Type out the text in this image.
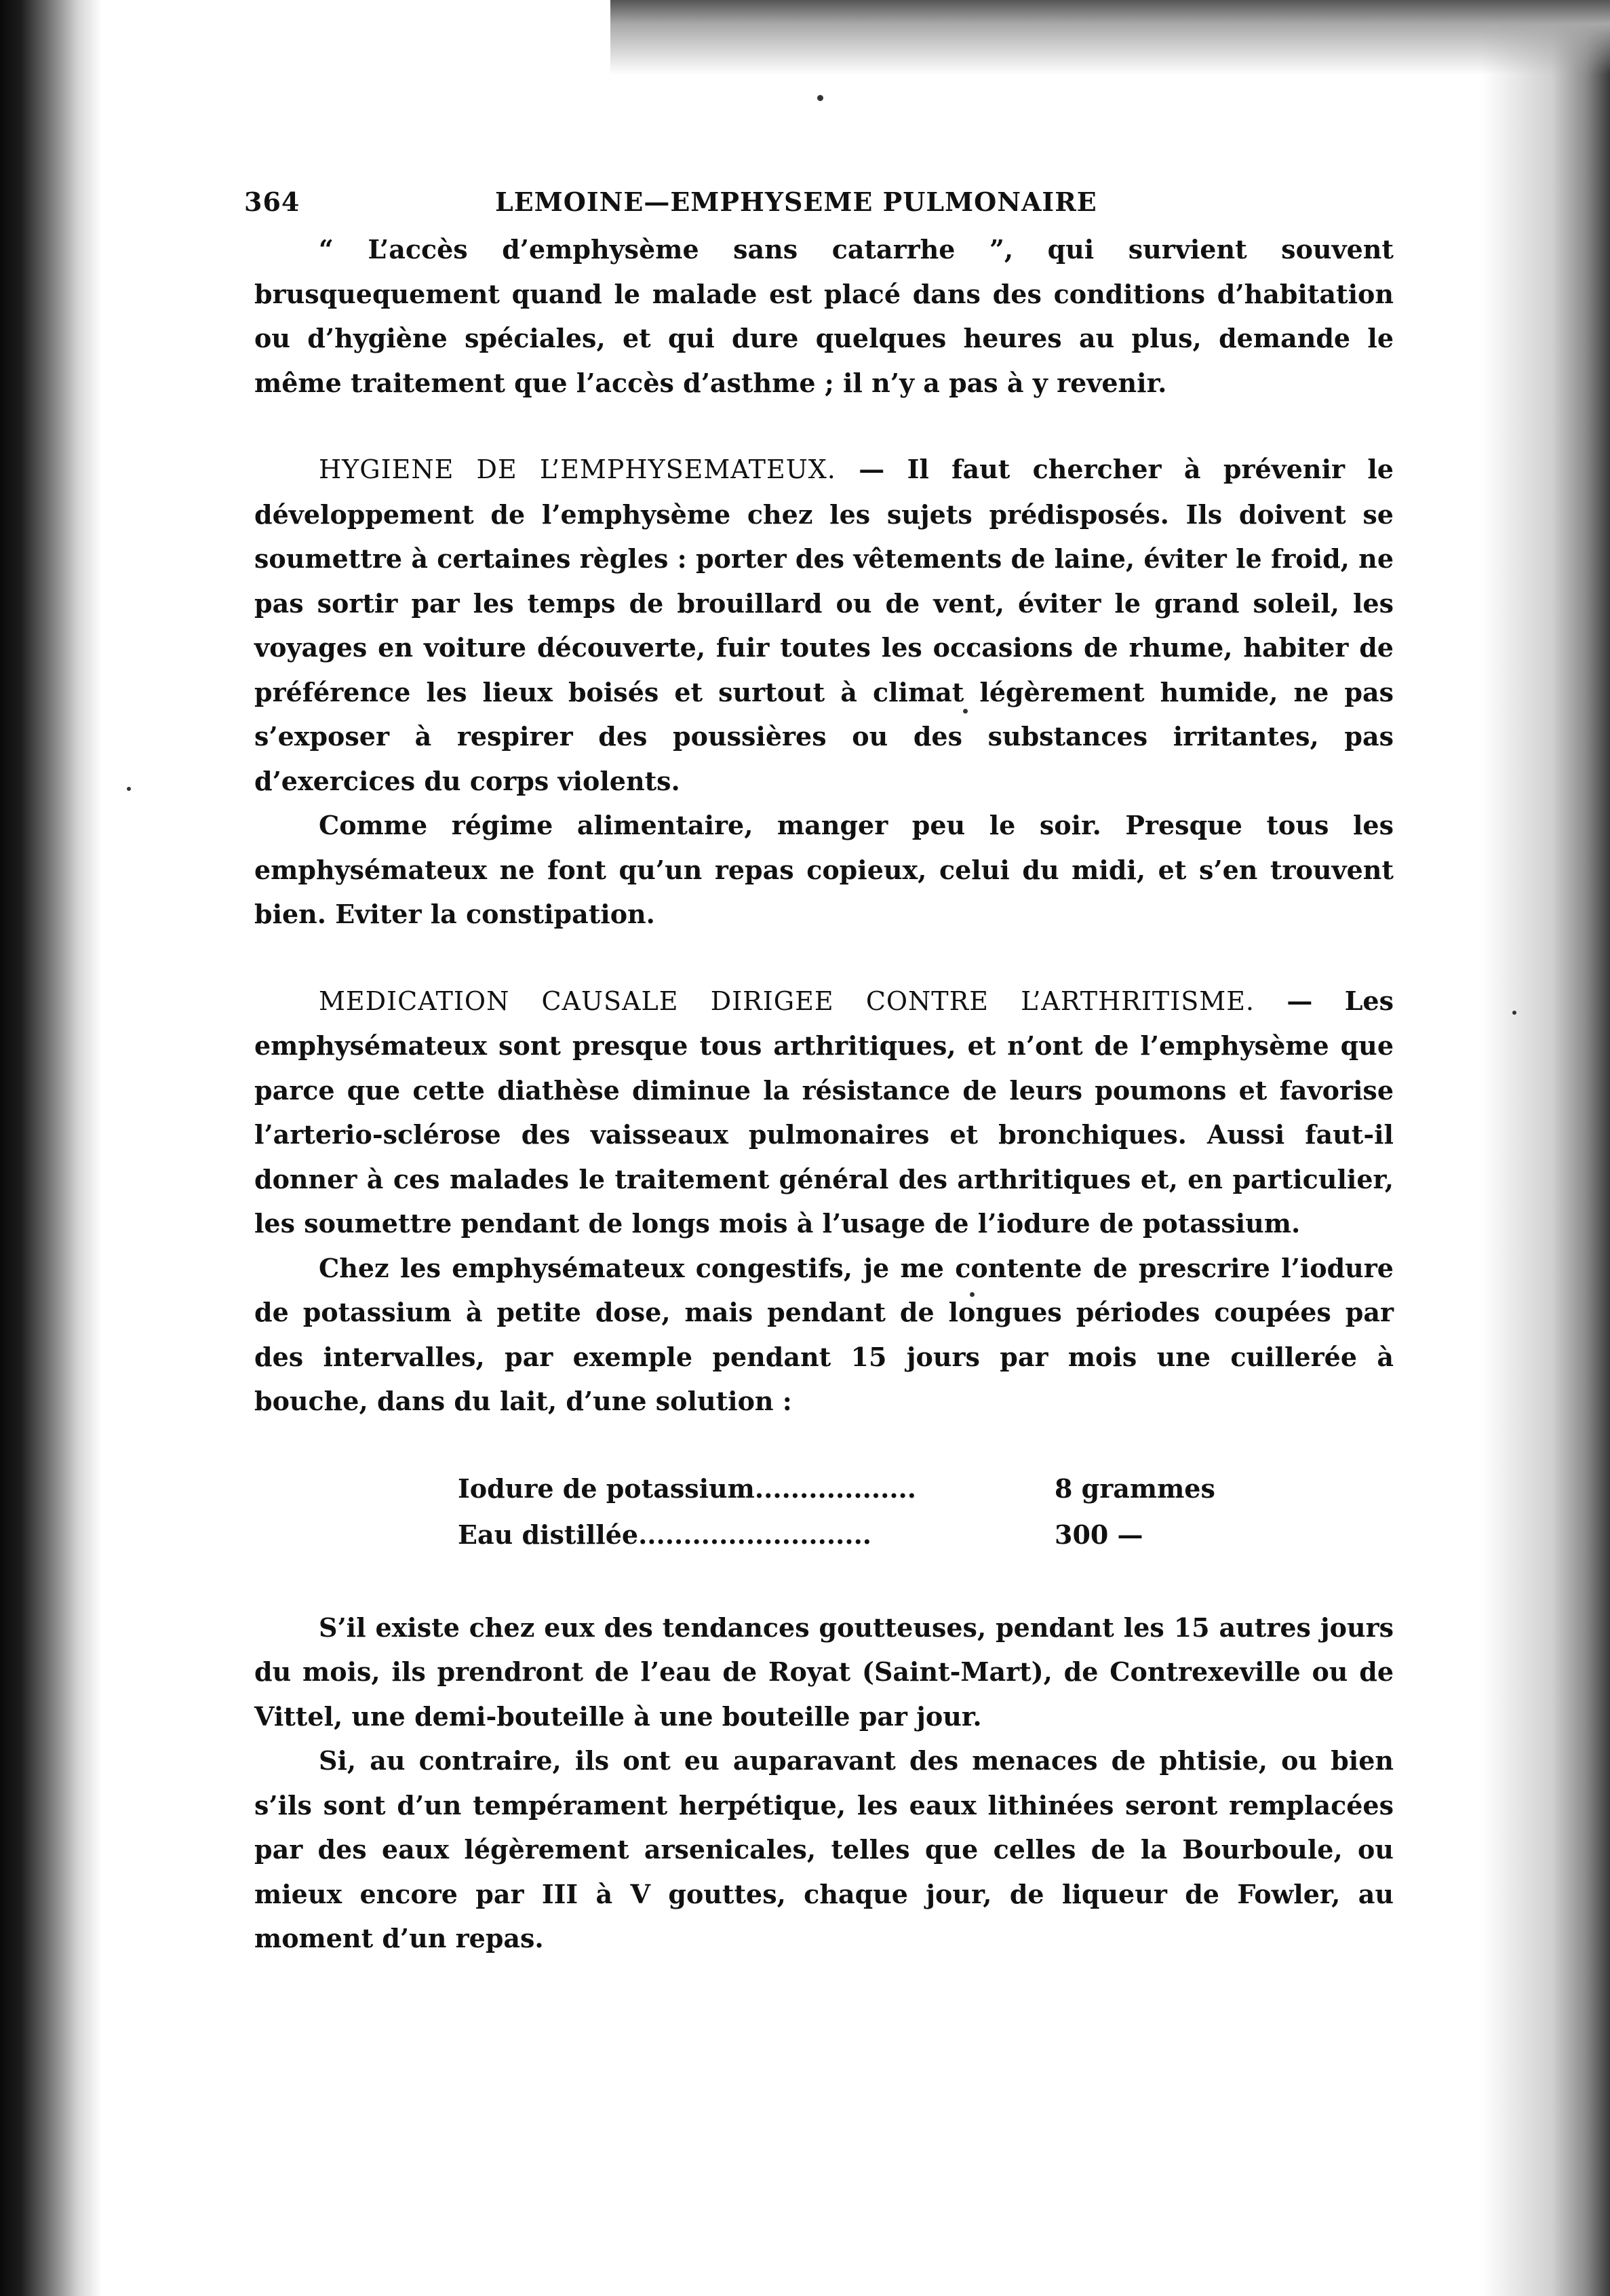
364	LEMOINE—EMPHYSEME PULMONAIRE

“ L’accès d’emphysème sans catarrhe ”, qui survient souvent brusquequement quand le malade est placé dans des conditions d’habitation ou d’hygiène spéciales, et qui dure quelques heures au plus, demande le même traitement que l’accès d’asthme ; il n’y a pas à y revenir.

HYGIENE DE L’EMPHYSEMATEUX. — Il faut chercher à prévenir le développement de l’emphysème chez les sujets prédisposés. Ils doivent se soumettre à certaines règles : porter des vêtements de laine, éviter le froid, ne pas sortir par les temps de brouillard ou de vent, éviter le grand soleil, les voyages en voiture découverte, fuir toutes les occasions de rhume, habiter de préférence les lieux boisés et surtout à climat légèrement humide, ne pas s’exposer à respirer des poussières ou des substances irritantes, pas d’exercices du corps violents.

Comme régime alimentaire, manger peu le soir. Presque tous les emphysémateux ne font qu’un repas copieux, celui du midi, et s’en trouvent bien. Eviter la constipation.

MEDICATION CAUSALE DIRIGEE CONTRE L’ARTHRITISME. — Les emphysémateux sont presque tous arthritiques, et n’ont de l’emphysème que parce que cette diathèse diminue la résistance de leurs poumons et favorise l’arterio-sclérose des vaisseaux pulmonaires et bronchiques. Aussi faut-il donner à ces malades le traitement général des arthritiques et, en particulier, les soumettre pendant de longs mois à l’usage de l’iodure de potassium.

Chez les emphysémateux congestifs, je me contente de prescrire l’iodure de potassium à petite dose, mais pendant de longues périodes coupées par des intervalles, par exemple pendant 15 jours par mois une cuillerée à bouche, dans du lait, d’une solution :

Iodure de potassium..................	8 grammes
Eau distillée..........................	300 —

S’il existe chez eux des tendances goutteuses, pendant les 15 autres jours du mois, ils prendront de l’eau de Royat (Saint-Mart), de Contrexeville ou de Vittel, une demi-bouteille à une bouteille par jour.

Si, au contraire, ils ont eu auparavant des menaces de phtisie, ou bien s’ils sont d’un tempérament herpétique, les eaux lithinées seront remplacées par des eaux légèrement arsenicales, telles que celles de la Bourboule, ou mieux encore par III à V gouttes, chaque jour, de liqueur de Fowler, au moment d’un repas.
